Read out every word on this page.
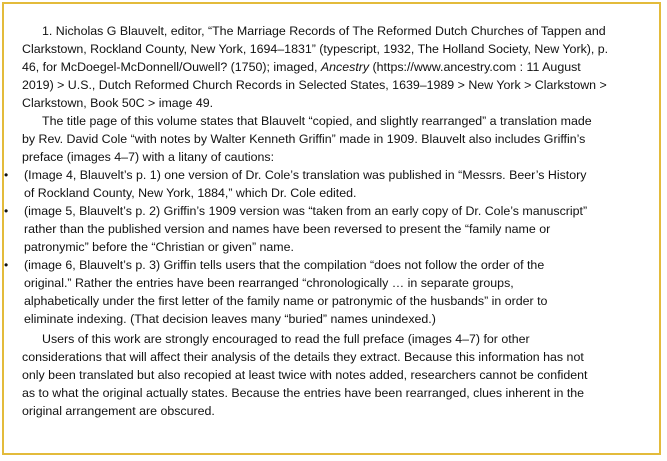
1. Nicholas G Blauvelt, editor, “The Marriage Records of The Reformed Dutch Churches of Tappen and
Clarkstown, Rockland County, New York, 1694–1831” (typescript, 1932, The Holland Society, New York), p.
46, for McDoegel-McDonnell/Ouwell? (1750); imaged, Ancestry (https://www.ancestry.com : 11 August
2019) > U.S., Dutch Reformed Church Records in Selected States, 1639–1989 > New York > Clarkstown >
Clarkstown, Book 50C > image 49.
The title page of this volume states that Blauvelt “copied, and slightly rearranged” a translation made
by Rev. David Cole “with notes by Walter Kenneth Griffin” made in 1909. Blauvelt also includes Griffin’s
preface (images 4–7) with a litany of cautions:
•	(Image 4, Blauvelt’s p. 1) one version of Dr. Cole’s translation was published in “Messrs. Beer’s History
of Rockland County, New York, 1884,” which Dr. Cole edited.
•	(image 5, Blauvelt’s p. 2) Griffin’s 1909 version was “taken from an early copy of Dr. Cole’s manuscript”
rather than the published version and names have been reversed to present the “family name or
patronymic” before the “Christian or given” name.
•	(image 6, Blauvelt’s p. 3) Griffin tells users that the compilation “does not follow the order of the
original.” Rather the entries have been rearranged “chronologically … in separate groups,
alphabetically under the first letter of the family name or patronymic of the husbands” in order to
eliminate indexing. (That decision leaves many “buried” names unindexed.)
Users of this work are strongly encouraged to read the full preface (images 4–7) for other
considerations that will affect their analysis of the details they extract. Because this information has not
only been translated but also recopied at least twice with notes added, researchers cannot be confident
as to what the original actually states. Because the entries have been rearranged, clues inherent in the
original arrangement are obscured.
